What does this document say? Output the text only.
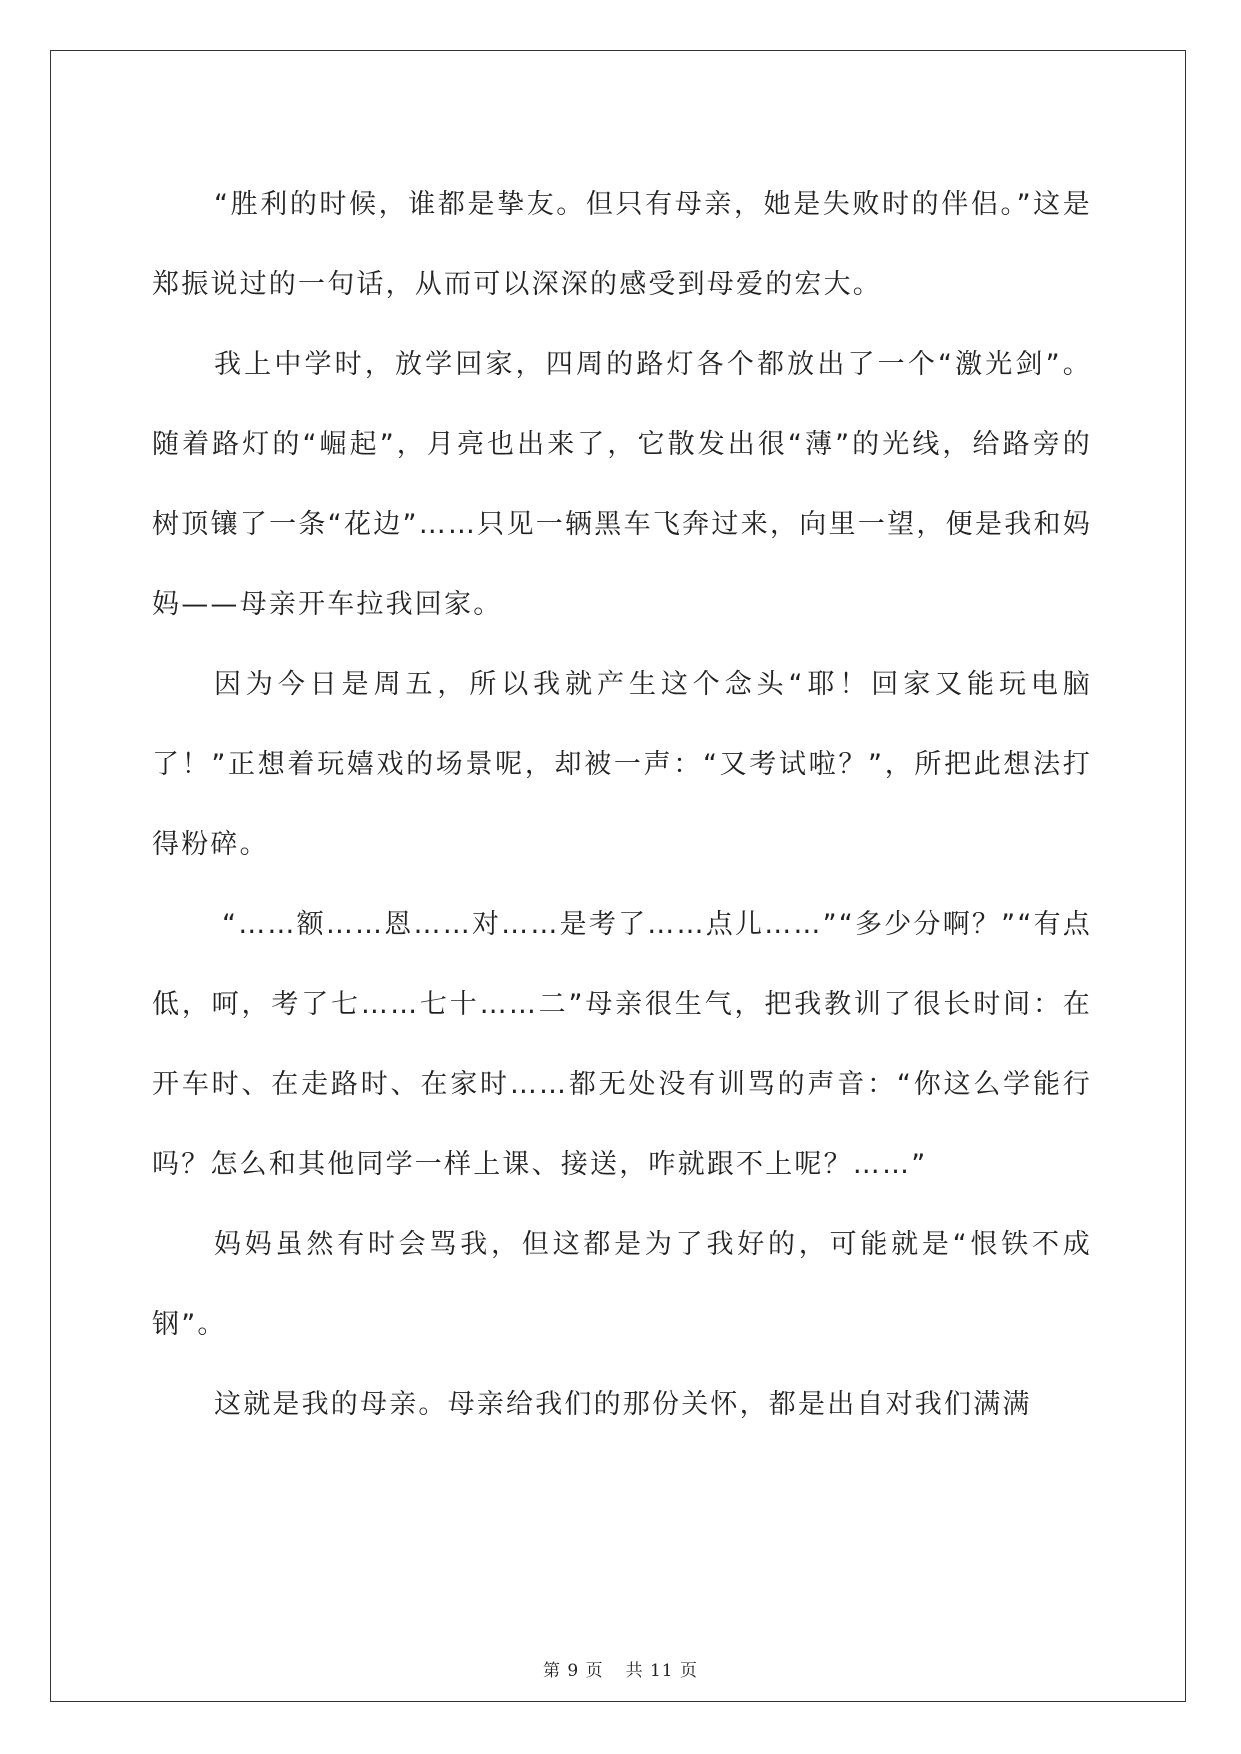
“胜利的时候，谁都是挚友。但只有母亲，她是失败时的伴侣。”这是郑振说过的一句话，从而可以深深的感受到母爱的宏大。

我上中学时，放学回家，四周的路灯各个都放出了一个“激光剑”。随着路灯的“崛起”，月亮也出来了，它散发出很“薄”的光线，给路旁的树顶镶了一条“花边”……只见一辆黑车飞奔过来，向里一望，便是我和妈妈——母亲开车拉我回家。

因为今日是周五，所以我就产生这个念头“耶！回家又能玩电脑了！”正想着玩嬉戏的场景呢，却被一声：“又考试啦？”，所把此想法打得粉碎。

“……额……恩……对……是考了……点儿……”“多少分啊？”“有点低，呵，考了七……七十……二”母亲很生气，把我教训了很长时间：在开车时、在走路时、在家时……都无处没有训骂的声音：“你这么学能行吗？怎么和其他同学一样上课、接送，咋就跟不上呢？……”

妈妈虽然有时会骂我，但这都是为了我好的，可能就是“恨铁不成钢”。

这就是我的母亲。母亲给我们的那份关怀，都是出自对我们满满

第 9 页 共 11 页
